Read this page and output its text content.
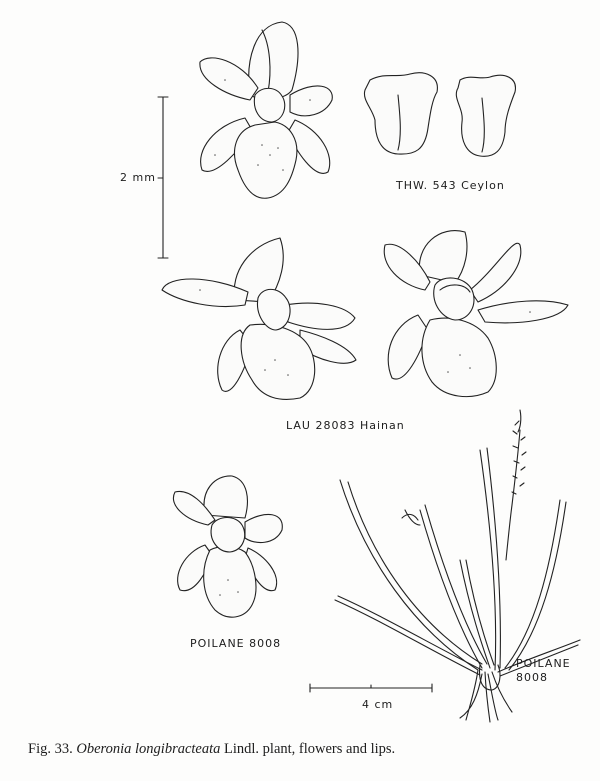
2 mm
THW. 543 Ceylon
LAU 28083 Hainan
POILANE 8008
POILANE
8008
4 cm
Fig. 33. Oberonia longibracteata Lindl. plant, flowers and lips.
